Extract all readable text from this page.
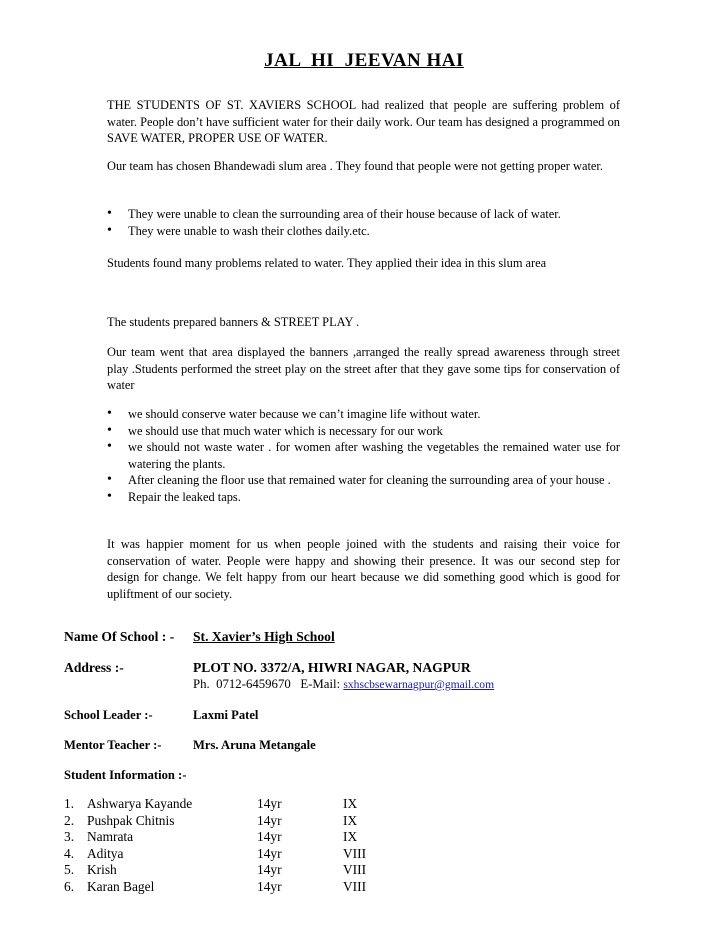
JAL  HI  JEEVAN HAI
THE STUDENTS OF ST. XAVIERS SCHOOL had realized that people are suffering problem of water. People don’t have sufficient water for their daily work. Our team has designed a programmed on SAVE WATER, PROPER USE OF WATER.
Our team has chosen Bhandewadi slum area . They found that people were not getting proper water.
•	They were unable to clean the surrounding area of their house because of lack of water.
•	They were unable to wash their clothes daily.etc.
Students found many problems related to water. They applied their idea in this slum area
The students prepared banners & STREET PLAY .
Our team went that area displayed the banners ,arranged the really spread awareness through street play .Students performed the street play on the street after that they gave some tips for conservation of water
•	we should conserve water because we can’t imagine life without water.
•	we should use that much water which is necessary for our work
•	we should not waste water . for women after washing the vegetables the remained water use for watering the plants.
•	After cleaning the floor use that remained water for cleaning the surrounding area of your house .
•	Repair the leaked taps.
It was happier moment for us when people joined with the students and raising their voice for conservation of water. People were happy and showing their presence. It was our second step for design for change. We felt happy from our heart because we did something good which is good for upliftment of our society.
Name Of School : - St. Xavier’s High School
Address :-	PLOT NO. 3372/A, HIWRI NAGAR, NAGPUR
Ph.  0712-6459670   E-Mail: sxhscbsewarnagpur@gmail.com
School Leader :-	Laxmi Patel
Mentor Teacher :-	Mrs. Aruna Metangale
Student Information :-
1. Ashwarya Kayande	14yr	IX
2. Pushpak Chitnis	14yr	IX
3. Namrata	14yr	IX
4. Aditya	14yr	VIII
5. Krish	14yr	VIII
6. Karan Bagel	14yr	VIII
